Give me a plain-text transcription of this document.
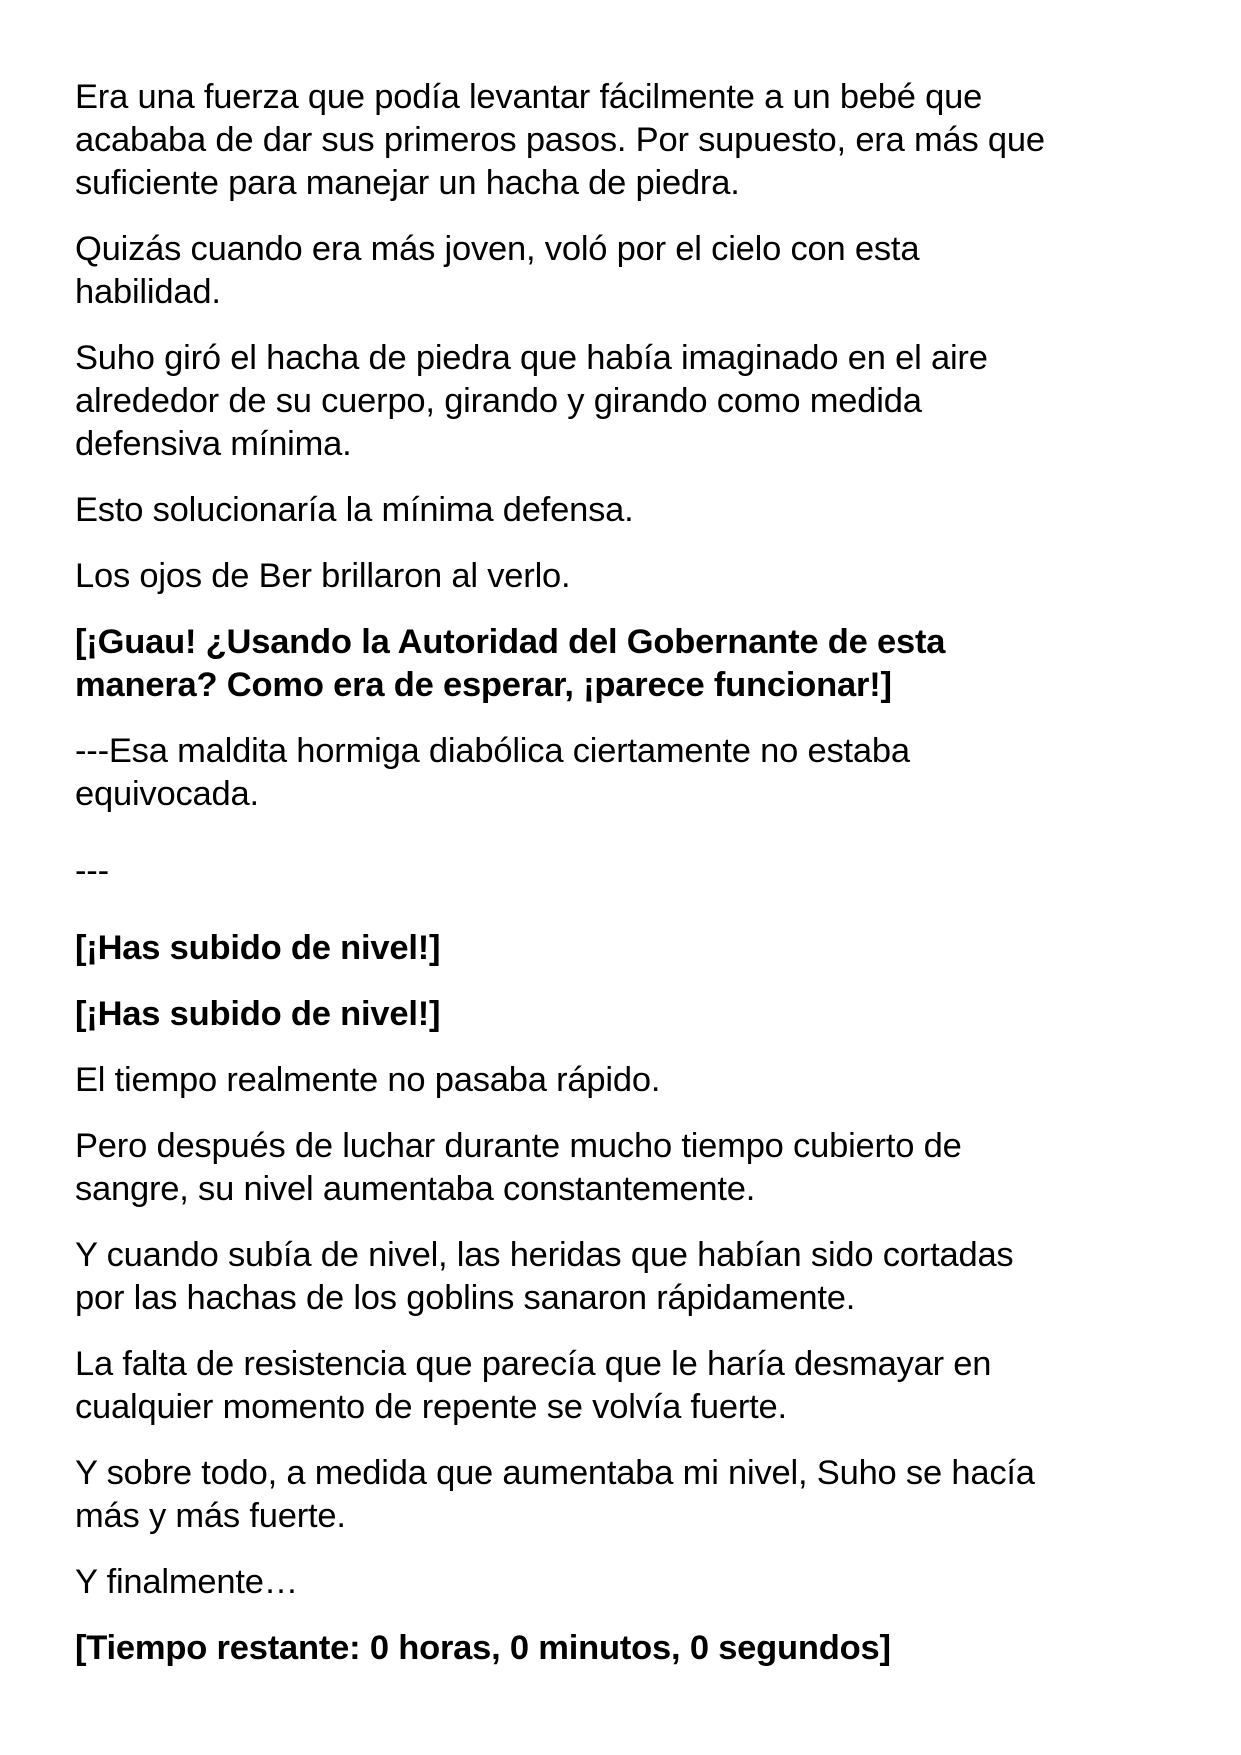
Era una fuerza que podía levantar fácilmente a un bebé que
acababa de dar sus primeros pasos. Por supuesto, era más que
suficiente para manejar un hacha de piedra.

Quizás cuando era más joven, voló por el cielo con esta
habilidad.

Suho giró el hacha de piedra que había imaginado en el aire
alrededor de su cuerpo, girando y girando como medida
defensiva mínima.

Esto solucionaría la mínima defensa.

Los ojos de Ber brillaron al verlo.

[¡Guau! ¿Usando la Autoridad del Gobernante de esta
manera? Como era de esperar, ¡parece funcionar!]

---Esa maldita hormiga diabólica ciertamente no estaba
equivocada.

---

[¡Has subido de nivel!]

[¡Has subido de nivel!]

El tiempo realmente no pasaba rápido.

Pero después de luchar durante mucho tiempo cubierto de
sangre, su nivel aumentaba constantemente.

Y cuando subía de nivel, las heridas que habían sido cortadas
por las hachas de los goblins sanaron rápidamente.

La falta de resistencia que parecía que le haría desmayar en
cualquier momento de repente se volvía fuerte.

Y sobre todo, a medida que aumentaba mi nivel, Suho se hacía
más y más fuerte.

Y finalmente…

[Tiempo restante: 0 horas, 0 minutos, 0 segundos]
